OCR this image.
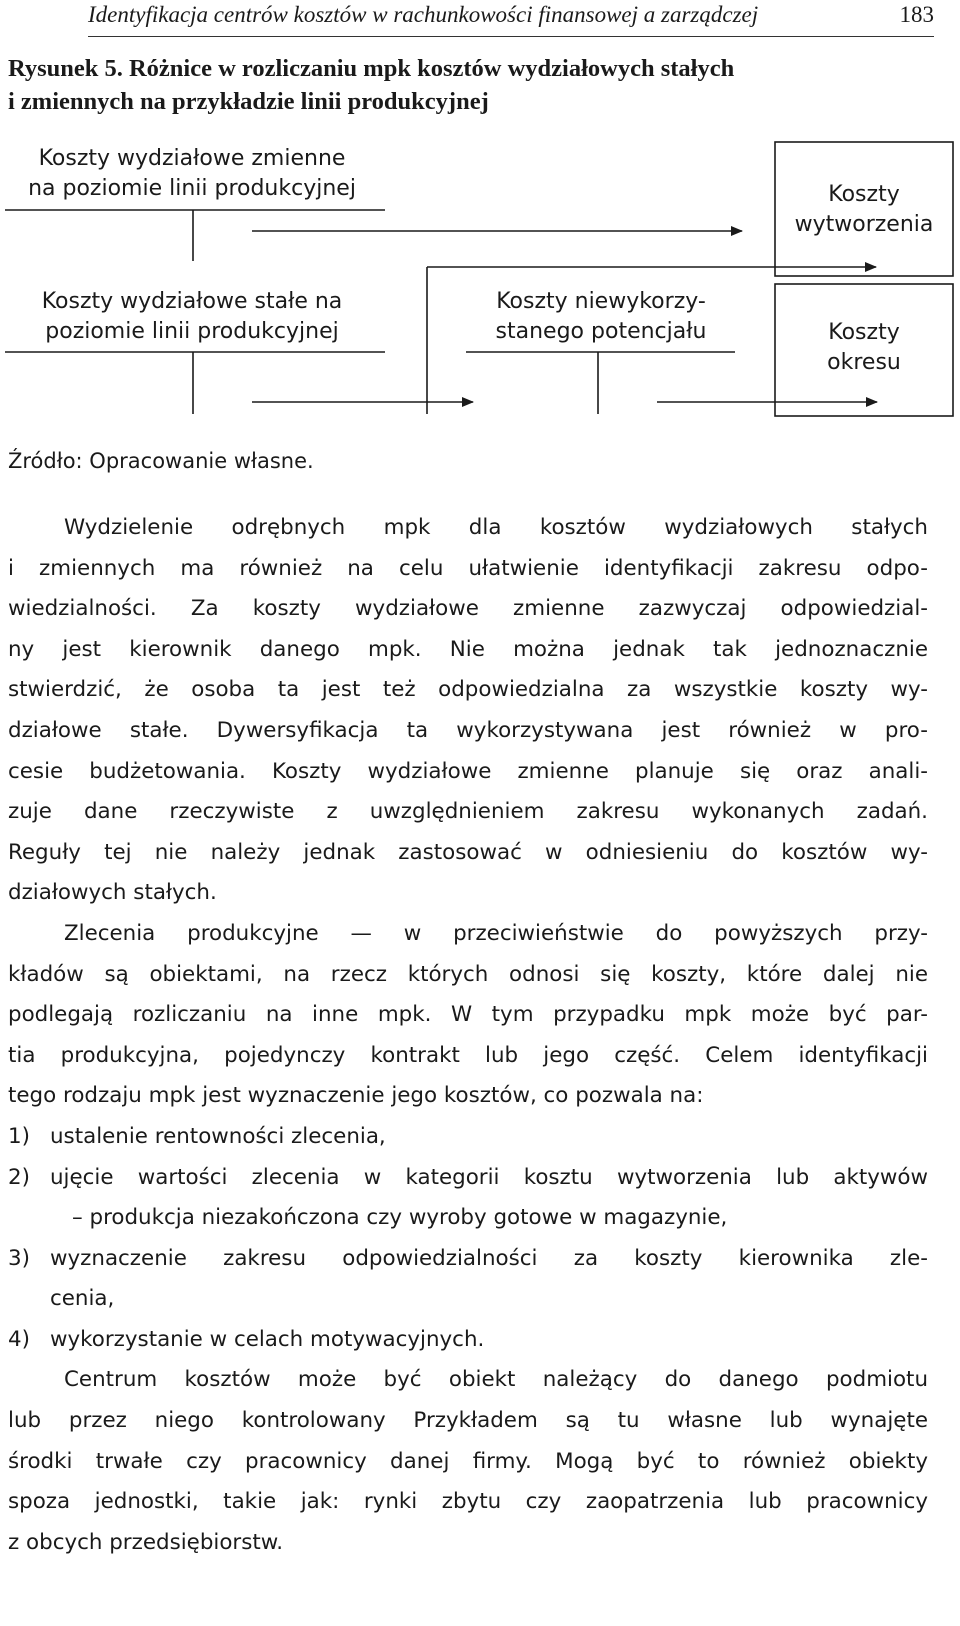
Identyfikacja centrów kosztów w rachunkowości finansowej a zarządczej	183
Rysunek 5. Różnice w rozliczaniu mpk kosztów wydziałowych stałych
i zmiennych na przykładzie linii produkcyjnej
Koszty wydziałowe zmienne
na poziomie linii produkcyjnej
Koszty wydziałowe stałe na
poziomie linii produkcyjnej
Koszty niewykorzy-
stanego potencjału
Koszty
wytworzenia
Koszty
okresu
Źródło: Opracowanie własne.
Wydzielenie odrębnych mpk dla kosztów wydziałowych stałych
i zmiennych ma również na celu ułatwienie identyfikacji zakresu odpo-
wiedzialności. Za koszty wydziałowe zmienne zazwyczaj odpowiedzial-
ny jest kierownik danego mpk. Nie można jednak tak jednoznacznie
stwierdzić, że osoba ta jest też odpowiedzialna za wszystkie koszty wy-
działowe stałe. Dywersyfikacja ta wykorzystywana jest również w pro-
cesie budżetowania. Koszty wydziałowe zmienne planuje się oraz anali-
zuje dane rzeczywiste z uwzględnieniem zakresu wykonanych zadań.
Reguły tej nie należy jednak zastosować w odniesieniu do kosztów wy-
działowych stałych.
Zlecenia produkcyjne — w przeciwieństwie do powyższych przy-
kładów są obiektami, na rzecz których odnosi się koszty, które dalej nie
podlegają rozliczaniu na inne mpk. W tym przypadku mpk może być par-
tia produkcyjna, pojedynczy kontrakt lub jego część. Celem identyfikacji
tego rodzaju mpk jest wyznaczenie jego kosztów, co pozwala na:
1) ustalenie rentowności zlecenia,
2) ujęcie wartości zlecenia w kategorii kosztu wytworzenia lub aktywów
– produkcja niezakończona czy wyroby gotowe w magazynie,
3) wyznaczenie zakresu odpowiedzialności za koszty kierownika zle-
cenia,
4) wykorzystanie w celach motywacyjnych.
Centrum kosztów może być obiekt należący do danego podmiotu
lub przez niego kontrolowany Przykładem są tu własne lub wynajęte
środki trwałe czy pracownicy danej firmy. Mogą być to również obiekty
spoza jednostki, takie jak: rynki zbytu czy zaopatrzenia lub pracownicy
z obcych przedsiębiorstw.
